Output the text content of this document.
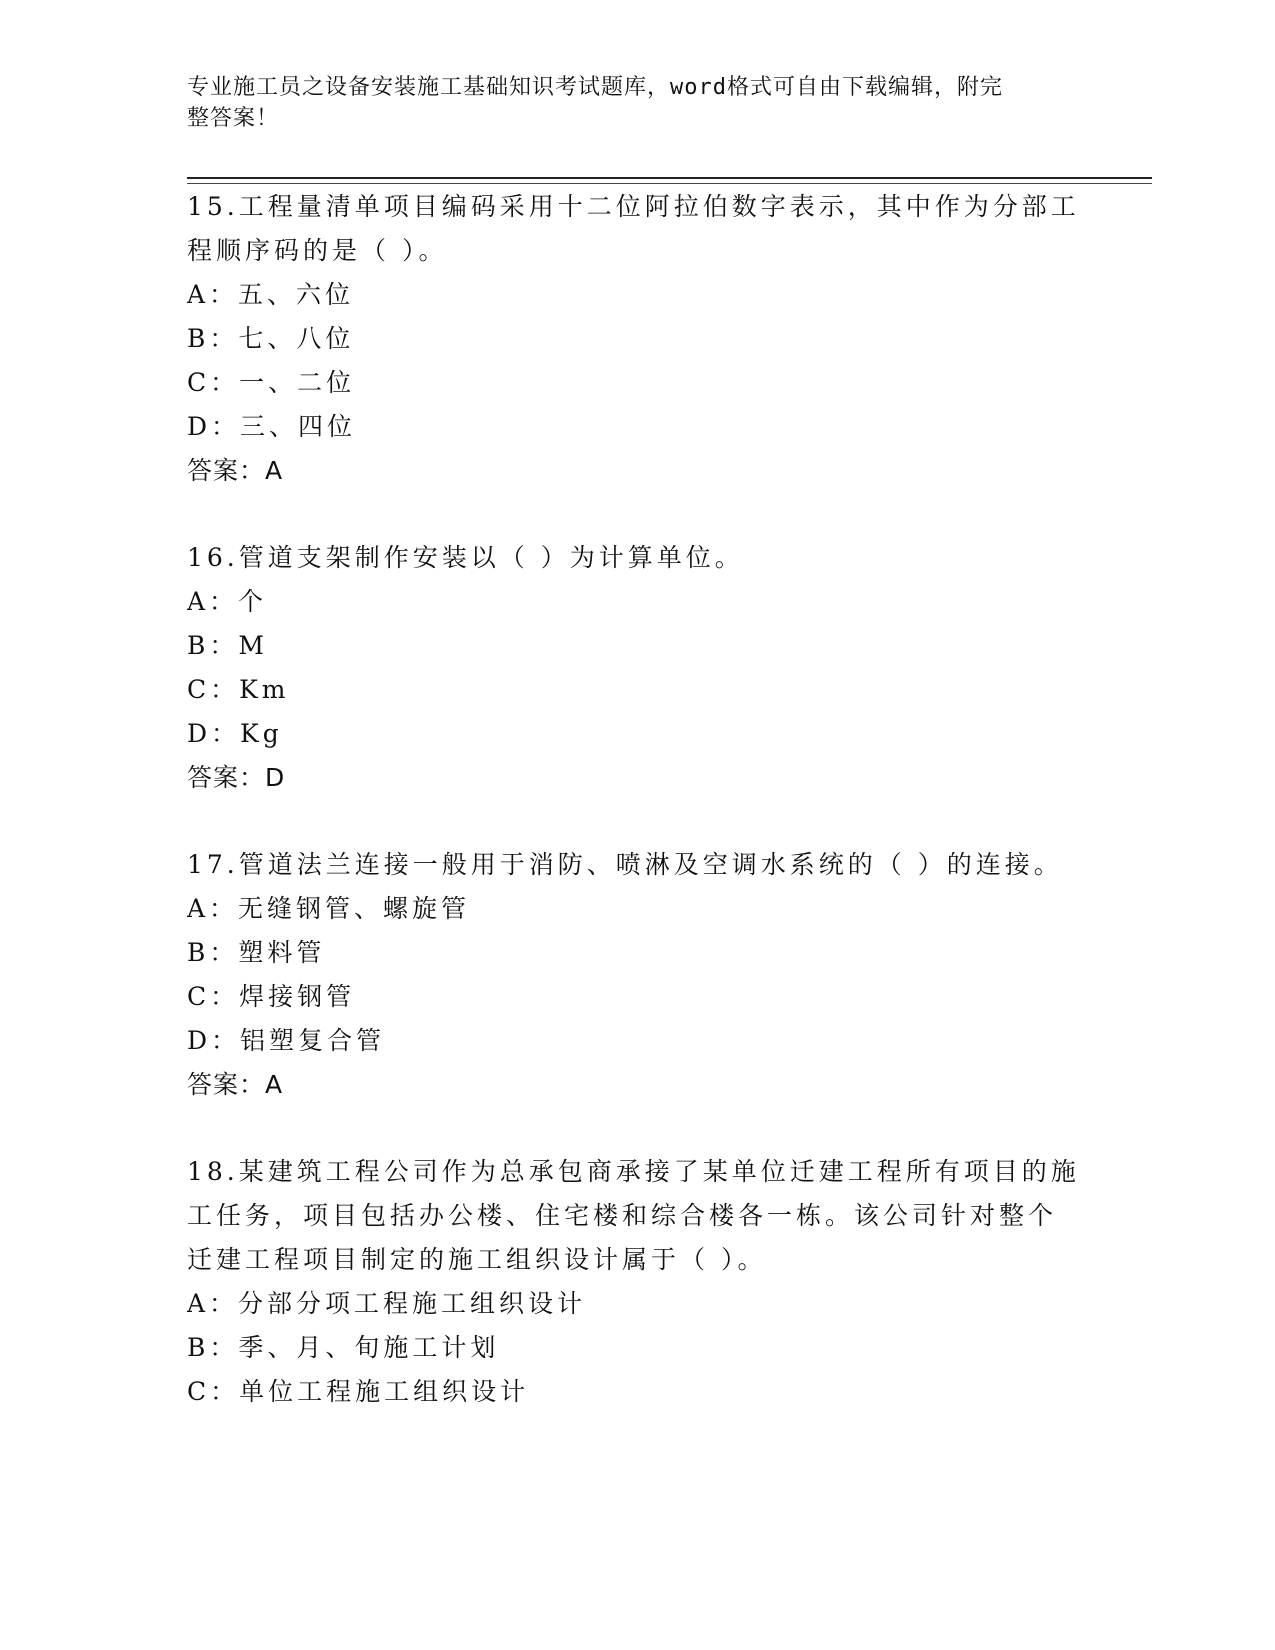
专业施工员之设备安装施工基础知识考试题库，word格式可自由下载编辑，附完
整答案！
15.工程量清单项目编码采用十二位阿拉伯数字表示，其中作为分部工
程顺序码的是（ ）。
A：五、六位
B：七、八位
C：一、二位
D：三、四位
答案：A
16.管道支架制作安装以（ ）为计算单位。
A：个
B：M
C：Km
D：Kg
答案：D
17.管道法兰连接一般用于消防、喷淋及空调水系统的（ ）的连接。
A：无缝钢管、螺旋管
B：塑料管
C：焊接钢管
D：铝塑复合管
答案：A
18.某建筑工程公司作为总承包商承接了某单位迁建工程所有项目的施
工任务，项目包括办公楼、住宅楼和综合楼各一栋。该公司针对整个
迁建工程项目制定的施工组织设计属于（ ）。
A：分部分项工程施工组织设计
B：季、月、旬施工计划
C：单位工程施工组织设计
